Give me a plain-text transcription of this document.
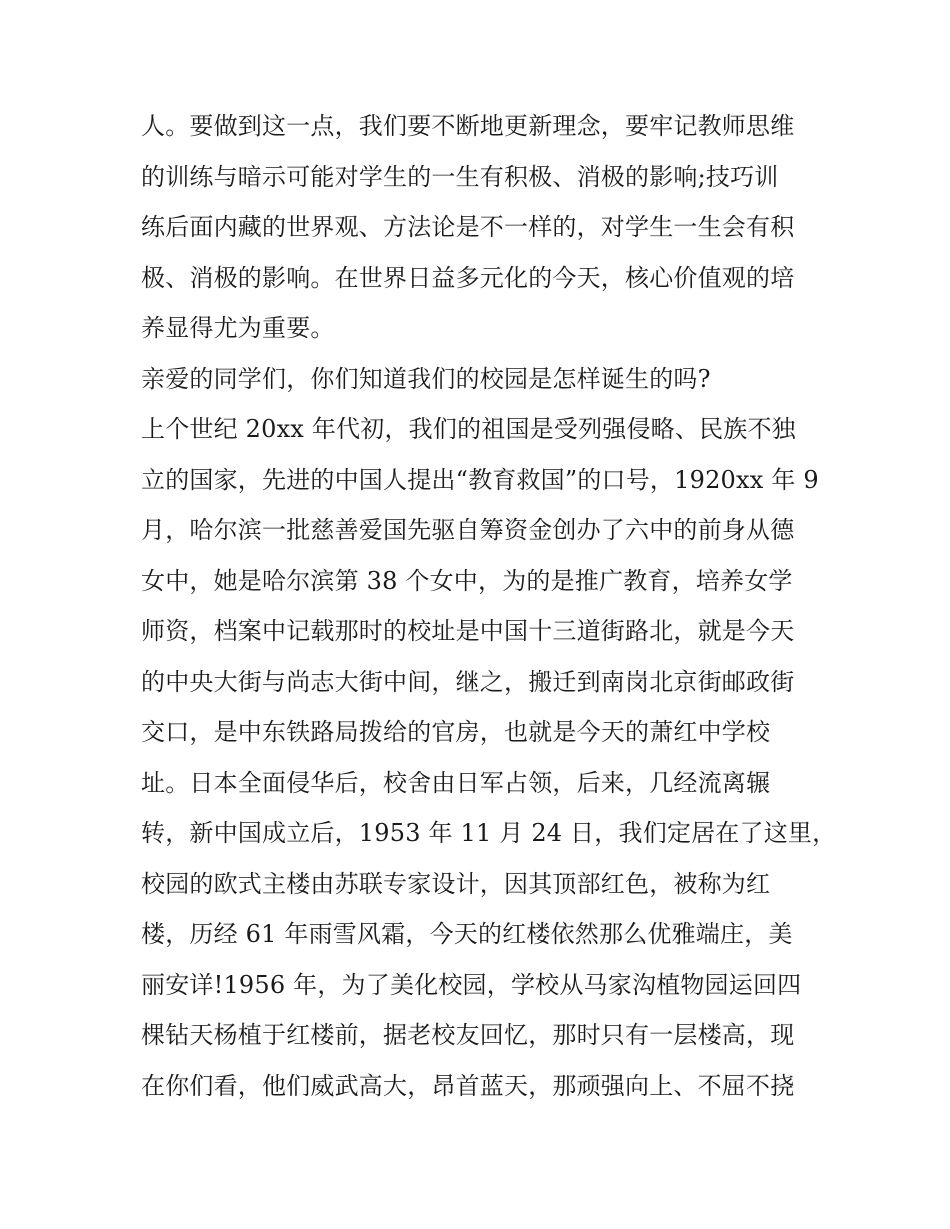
人。要做到这一点，我们要不断地更新理念，要牢记教师思维
的训练与暗示可能对学生的一生有积极、消极的影响;技巧训
练后面内藏的世界观、方法论是不一样的，对学生一生会有积
极、消极的影响。在世界日益多元化的今天，核心价值观的培
养显得尤为重要。

亲爱的同学们，你们知道我们的校园是怎样诞生的吗?

上个世纪 20xx 年代初，我们的祖国是受列强侵略、民族不独
立的国家，先进的中国人提出“教育救国”的口号，1920xx 年 9
月，哈尔滨一批慈善爱国先驱自筹资金创办了六中的前身从德
女中，她是哈尔滨第 38 个女中，为的是推广教育，培养女学
师资，档案中记载那时的校址是中国十三道街路北，就是今天
的中央大街与尚志大街中间，继之，搬迁到南岗北京街邮政街
交口，是中东铁路局拨给的官房，也就是今天的萧红中学校
址。日本全面侵华后，校舍由日军占领，后来，几经流离辗
转，新中国成立后，1953 年 11 月 24 日，我们定居在了这里，
校园的欧式主楼由苏联专家设计，因其顶部红色，被称为红
楼，历经 61 年雨雪风霜，今天的红楼依然那么优雅端庄，美
丽安详!1956 年，为了美化校园，学校从马家沟植物园运回四
棵钻天杨植于红楼前，据老校友回忆，那时只有一层楼高，现
在你们看，他们威武高大，昂首蓝天，那顽强向上、不屈不挠
